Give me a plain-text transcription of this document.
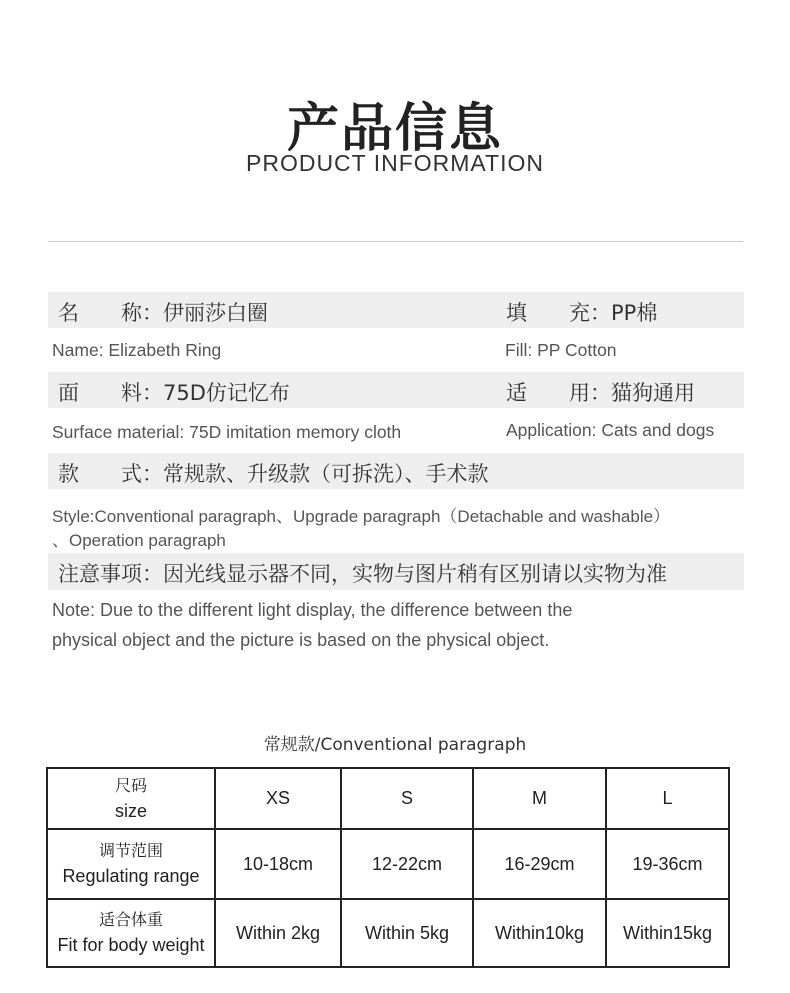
产品信息
PRODUCT INFORMATION
名　　称：伊丽莎白圈	填　　充：PP棉
Name: Elizabeth Ring	Fill: PP Cotton
面　　料：75D仿记忆布	适　　用：猫狗通用
Surface material: 75D imitation memory cloth	Application: Cats and dogs
款　　式：常规款、升级款（可拆洗）、手术款
Style:Conventional paragraph、Upgrade paragraph（Detachable and washable）
、Operation paragraph
注意事项：因光线显示器不同，实物与图片稍有区别请以实物为准
Note: Due to the different light display, the difference between the
physical object and the picture is based on the physical object.
常规款/Conventional paragraph
尺码
size	XS	S	M	L

调节范围
Regulating range	10-18cm	12-22cm	16-29cm	19-36cm

适合体重
Fit for body weight	Within 2kg	Within 5kg	Within10kg	Within15kg
